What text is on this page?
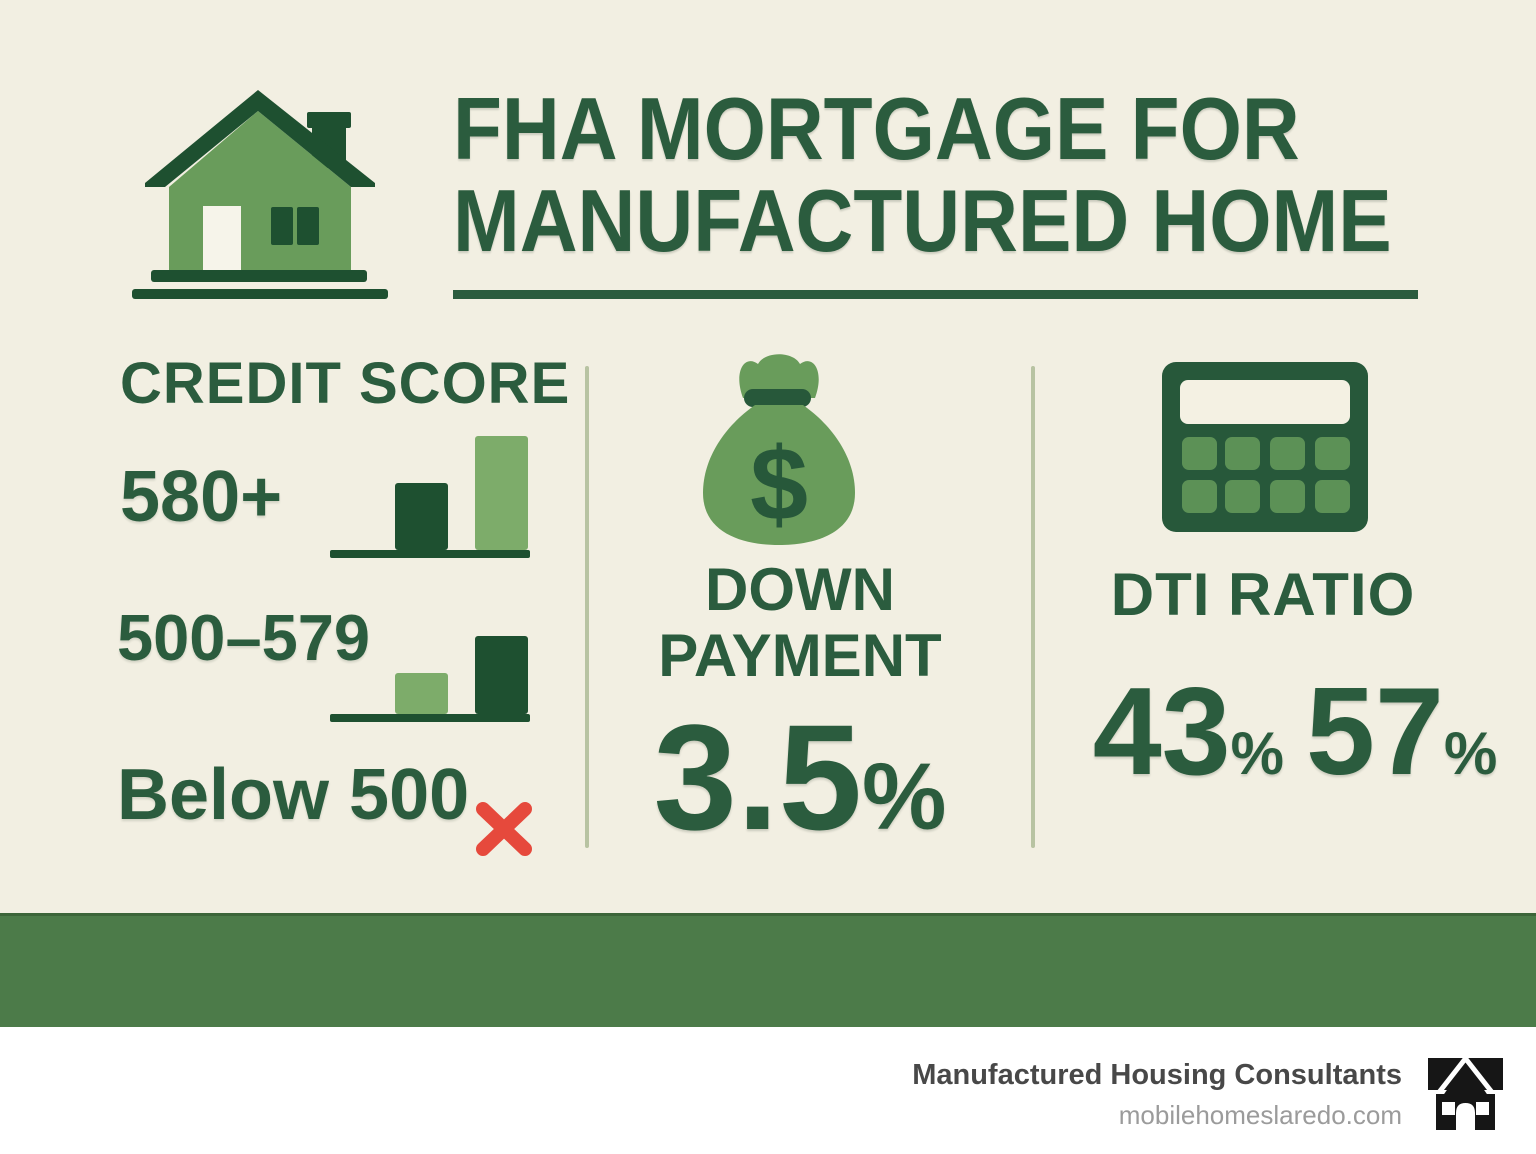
FHA MORTGAGE FOR
MANUFACTURED HOME
CREDIT SCORE
580+
500–579
Below 500
$
DOWN
PAYMENT
3.5%
DTI RATIO
43% 57%
Manufactured Housing Consultants
mobilehomeslaredo.com
